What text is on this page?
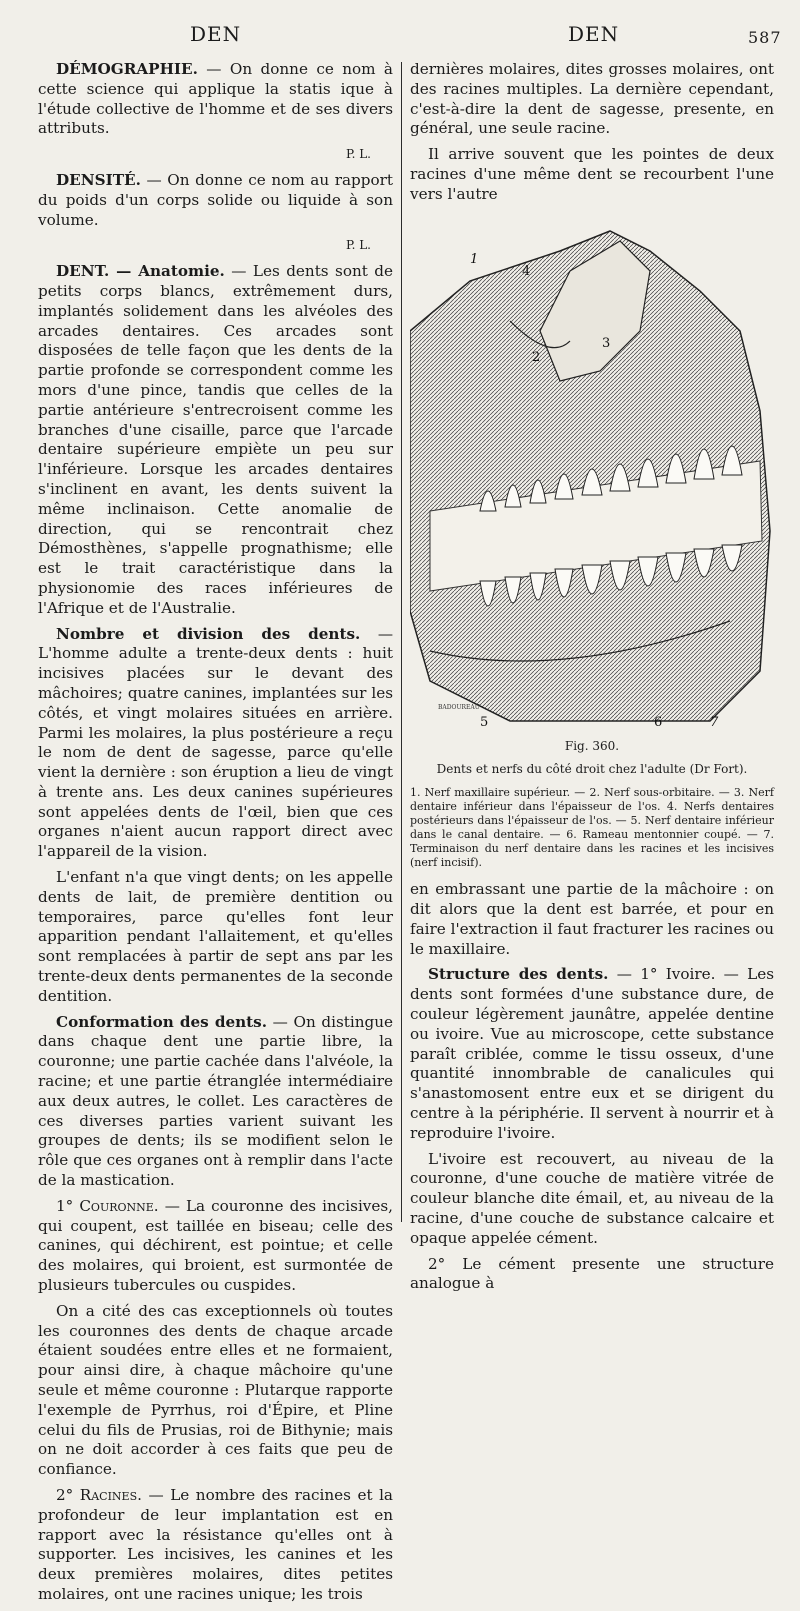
DEN	DEN	587

DÉMOGRAPHIE. — On donne ce nom à cette science qui applique la statis ique à l'étude collective de l'homme et de ses divers attributs.

P. L.

DENSITÉ. — On donne ce nom au rapport du poids d'un corps solide ou liquide à son volume.

P. L.

DENT. — Anatomie. — Les dents sont de petits corps blancs, extrêmement durs, implantés solidement dans les alvéoles des arcades dentaires. Ces arcades sont disposées de telle façon que les dents de la partie profonde se correspondent comme les mors d'une pince, tandis que celles de la partie antérieure s'entrecroisent comme les branches d'une cisaille, parce que l'arcade dentaire supérieure empiète un peu sur l'inférieure. Lorsque les arcades dentaires s'inclinent en avant, les dents suivent la même inclinaison. Cette anomalie de direction, qui se rencontrait chez Démosthènes, s'appelle prognathisme; elle est le trait caractéristique dans la physionomie des races inférieures de l'Afrique et de l'Australie.

Nombre et division des dents. — L'homme adulte a trente-deux dents : huit incisives placées sur le devant des mâchoires; quatre canines, implantées sur les côtés, et vingt molaires situées en arrière. Parmi les molaires, la plus postérieure a reçu le nom de dent de sagesse, parce qu'elle vient la dernière : son éruption a lieu de vingt à trente ans. Les deux canines supérieures sont appelées dents de l'œil, bien que ces organes n'aient aucun rapport direct avec l'appareil de la vision.

L'enfant n'a que vingt dents; on les appelle dents de lait, de première dentition ou temporaires, parce qu'elles font leur apparition pendant l'allaitement, et qu'elles sont remplacées à partir de sept ans par les trente-deux dents permanentes de la seconde dentition.

Conformation des dents. — On distingue dans chaque dent une partie libre, la couronne; une partie cachée dans l'alvéole, la racine; et une partie étranglée intermédiaire aux deux autres, le collet. Les caractères de ces diverses parties varient suivant les groupes de dents; ils se modifient selon le rôle que ces organes ont à remplir dans l'acte de la mastication.

1° Couronne. — La couronne des incisives, qui coupent, est taillée en biseau; celle des canines, qui déchirent, est pointue; et celle des molaires, qui broient, est surmontée de plusieurs tubercules ou cuspides.

On a cité des cas exceptionnels où toutes les couronnes des dents de chaque arcade étaient soudées entre elles et ne formaient, pour ainsi dire, à chaque mâchoire qu'une seule et même couronne : Plutarque rapporte l'exemple de Pyrrhus, roi d'Épire, et Pline celui du fils de Prusias, roi de Bithynie; mais on ne doit accorder à ces faits que peu de confiance.

2° Racines. — Le nombre des racines et la profondeur de leur implantation est en rapport avec la résistance qu'elles ont à supporter. Les incisives, les canines et les deux premières molaires, dites petites molaires, ont une racines unique; les trois

dernières molaires, dites grosses molaires, ont des racines multiples. La dernière cependant, c'est-à-dire la dent de sagesse, presente, en général, une seule racine.

Il arrive souvent que les pointes de deux racines d'une même dent se recourbent l'une vers l'autre

1
2
3
4
5	6	7
BADOUREAU
Fig. 360.
Dents et nerfs du côté droit chez l'adulte (Dr Fort).
1. Nerf maxillaire supérieur. — 2. Nerf sous-orbitaire. — 3. Nerf dentaire inférieur dans l'épaisseur de l'os. 4. Nerfs dentaires postérieurs dans l'épaisseur de l'os. — 5. Nerf dentaire inférieur dans le canal dentaire. — 6. Rameau mentonnier coupé. — 7. Terminaison du nerf dentaire dans les racines et les incisives (nerf incisif).

en embrassant une partie de la mâchoire : on dit alors que la dent est barrée, et pour en faire l'extraction il faut fracturer les racines ou le maxillaire.

Structure des dents. — 1° Ivoire. — Les dents sont formées d'une substance dure, de couleur légèrement jaunâtre, appelée dentine ou ivoire. Vue au microscope, cette substance paraît criblée, comme le tissu osseux, d'une quantité innombrable de canalicules qui s'anastomosent entre eux et se dirigent du centre à la périphérie. Il servent à nourrir et à reproduire l'ivoire.

L'ivoire est recouvert, au niveau de la couronne, d'une couche de matière vitrée de couleur blanche dite émail, et, au niveau de la racine, d'une couche de substance calcaire et opaque appelée cément.

2° Le cément presente une structure analogue à
